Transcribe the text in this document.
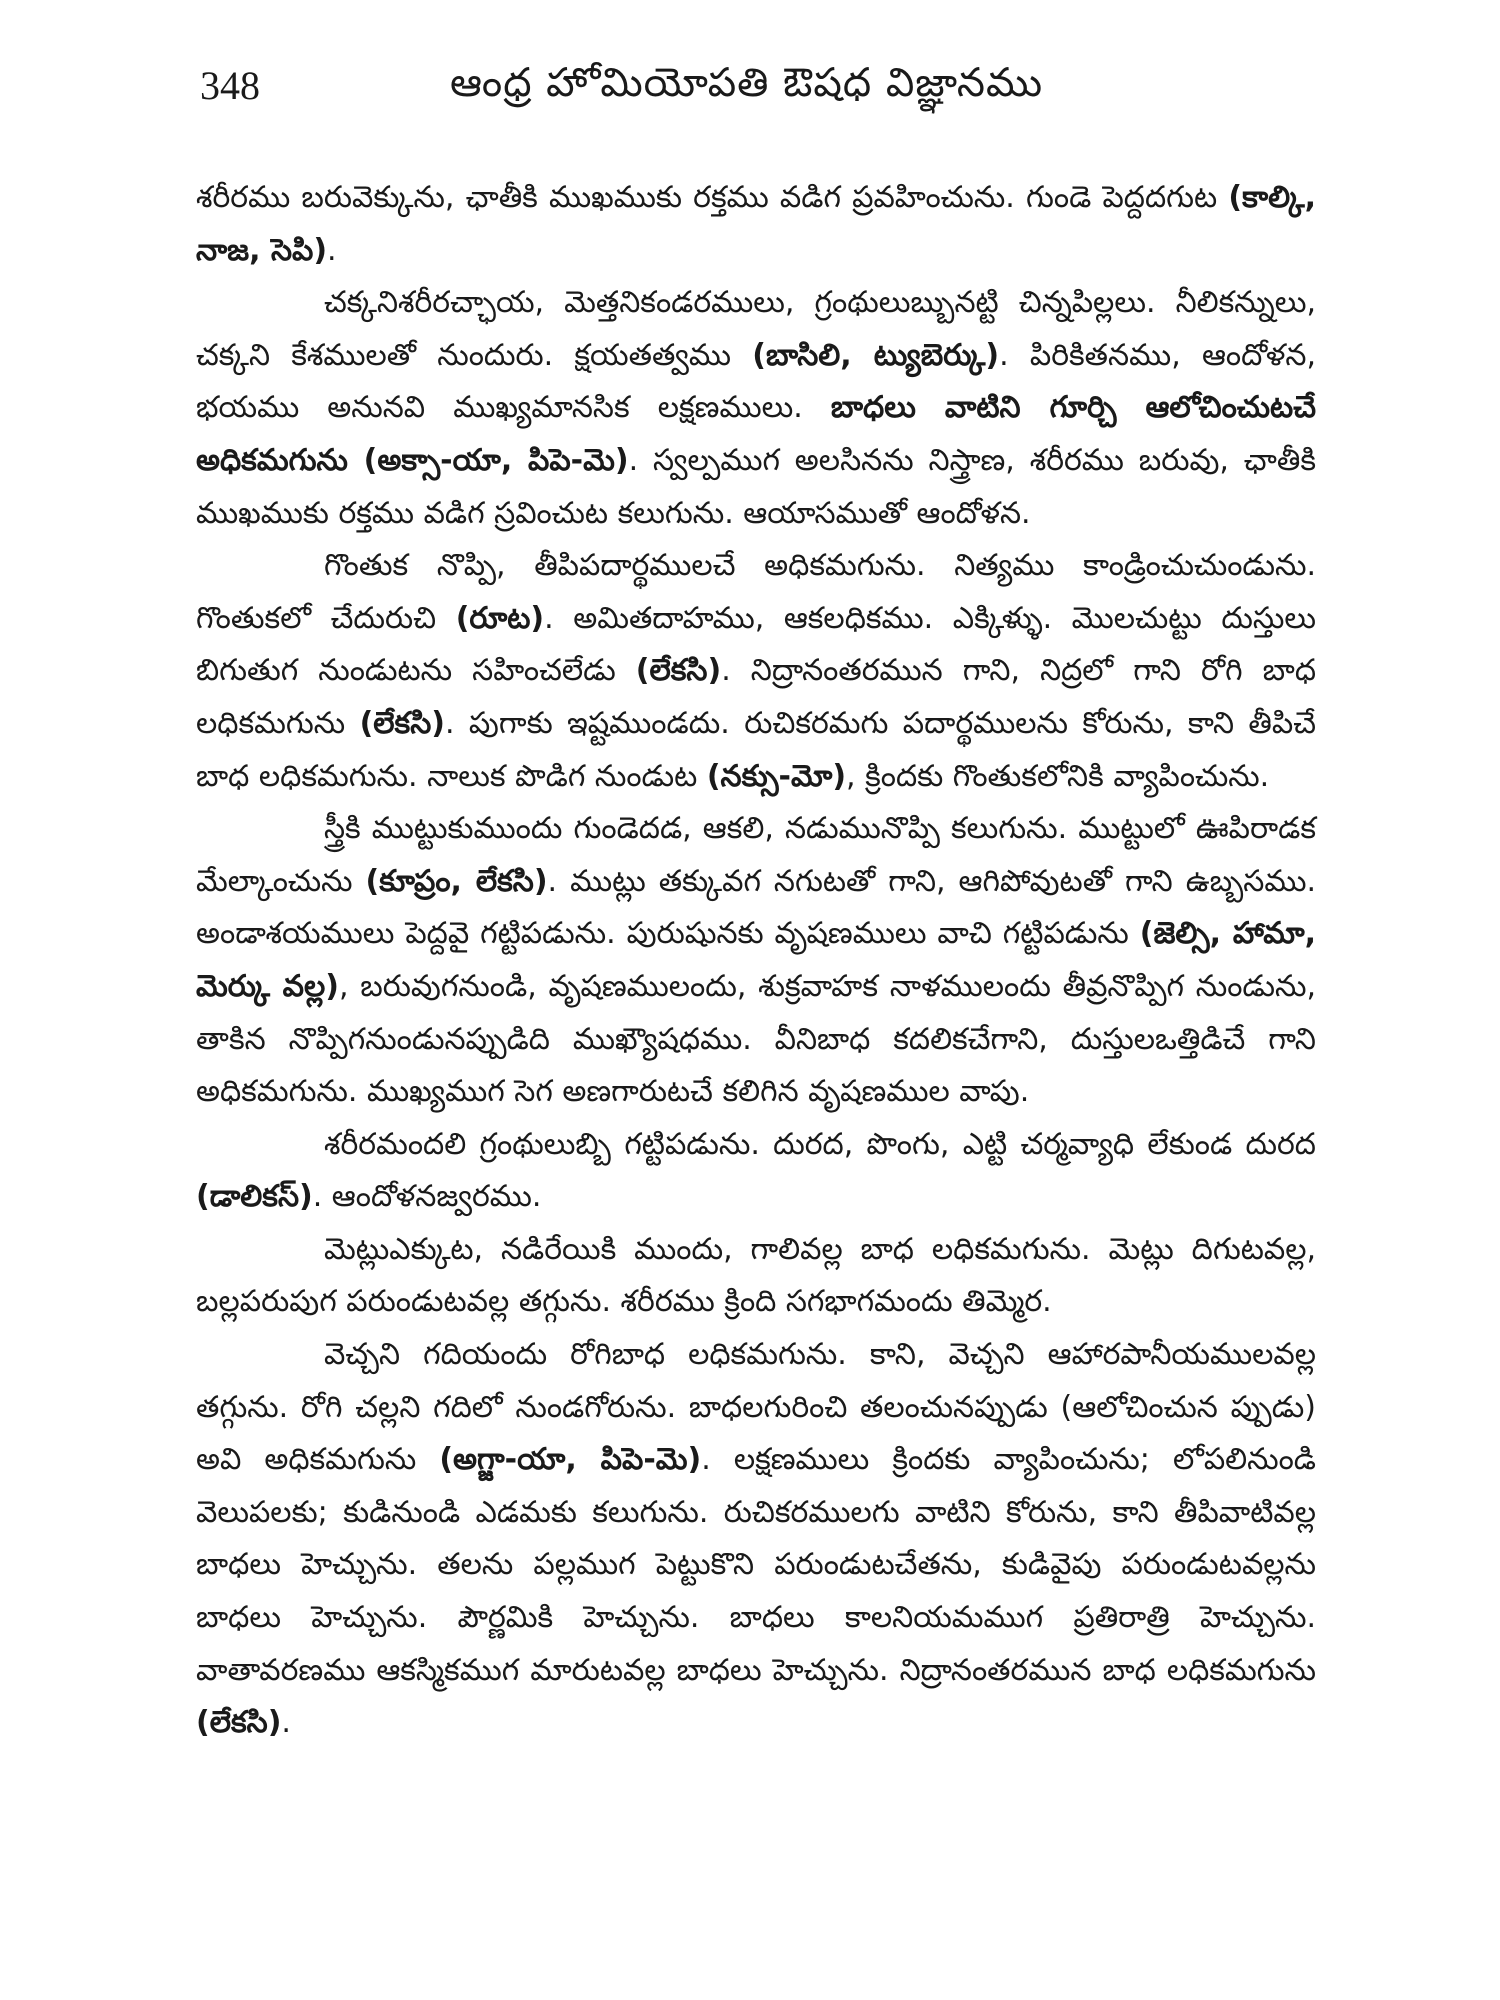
348	ఆంధ్ర హోమియోపతి ఔషధ విజ్ఞానము

శరీరము బరువెక్కును, ఛాతీకి ముఖముకు రక్తము వడిగ ప్రవహించును. గుండె పెద్దదగుట (కాల్కి, నాజ, సెపి).

చక్కనిశరీరచ్ఛాయ, మెత్తనికండరములు, గ్రంథులుబ్బునట్టి చిన్నపిల్లలు. నీలికన్నులు, చక్కని కేశములతో నుందురు. క్షయతత్వము (బాసిలి, ట్యుబెర్కు). పిరికితనము, ఆందోళన, భయము అనునవి ముఖ్యమానసిక లక్షణములు. బాధలు వాటిని గూర్చి ఆలోచించుటచే అధికమగును (అక్సా-యా, పిపె-మె). స్వల్పముగ అలసినను నిస్త్రాణ, శరీరము బరువు, ఛాతీకి ముఖముకు రక్తము వడిగ స్రవించుట కలుగును. ఆయాసముతో ఆందోళన.

గొంతుక నొప్పి, తీపిపదార్థములచే అధికమగును. నిత్యము కాండ్రించుచుండును. గొంతుకలో చేదురుచి (రూట). అమితదాహము, ఆకలధికము. ఎక్కిళ్ళు. మొలచుట్టు దుస్తులు బిగుతుగ నుండుటను సహించలేడు (లేకసి). నిద్రానంతరమున గాని, నిద్రలో గాని రోగి బాధ లధికమగును (లేకసి). పుగాకు ఇష్టముండదు. రుచికరమగు పదార్థములను కోరును, కాని తీపిచే బాధ లధికమగును. నాలుక పొడిగ నుండుట (నక్సు-మో), క్రిందకు గొంతుకలోనికి వ్యాపించును.

స్త్రీకి ముట్టుకుముందు గుండెదడ, ఆకలి, నడుమునొప్పి కలుగును. ముట్టులో ఊపిరాడక మేల్కాంచును (కూప్రం, లేకసి). ముట్లు తక్కువగ నగుటతో గాని, ఆగిపోవుటతో గాని ఉబ్బసము. అండాశయములు పెద్దవై గట్టిపడును. పురుషునకు వృషణములు వాచి గట్టిపడును (జెల్సి, హామా, మెర్కు వల్ల), బరువుగనుండి, వృషణములందు, శుక్రవాహక నాళములందు తీవ్రనొప్పిగ నుండును, తాకిన నొప్పిగనుండునప్పుడిది ముఖ్యౌషధము. వీనిబాధ కదలికచేగాని, దుస్తులఒత్తిడిచే గాని అధికమగును. ముఖ్యముగ సెగ అణగారుటచే కలిగిన వృషణముల వాపు.

శరీరమందలి గ్రంథులుబ్బి గట్టిపడును. దురద, పొంగు, ఎట్టి చర్మవ్యాధి లేకుండ దురద (డాలికస్). ఆందోళనజ్వరము.

మెట్లుఎక్కుట, నడిరేయికి ముందు, గాలివల్ల బాధ లధికమగును. మెట్లు దిగుటవల్ల, బల్లపరుపుగ పరుండుటవల్ల తగ్గును. శరీరము క్రింది సగభాగమందు తిమ్మెర.

వెచ్చని గదియందు రోగిబాధ లధికమగును. కాని, వెచ్చని ఆహారపానీయములవల్ల తగ్గును. రోగి చల్లని గదిలో నుండగోరును. బాధలగురించి తలంచునప్పుడు (ఆలోచించున ప్పుడు) అవి అధికమగును (అగ్జా-యా, పిపె-మె). లక్షణములు క్రిందకు వ్యాపించును; లోపలినుండి వెలుపలకు; కుడినుండి ఎడమకు కలుగును. రుచికరములగు వాటిని కోరును, కాని తీపివాటివల్ల బాధలు హెచ్చును. తలను పల్లముగ పెట్టుకొని పరుండుటచేతను, కుడివైపు పరుండుటవల్లను బాధలు హెచ్చును. పౌర్ణమికి హెచ్చును. బాధలు కాలనియమముగ ప్రతిరాత్రి హెచ్చును. వాతావరణము ఆకస్మికముగ మారుటవల్ల బాధలు హెచ్చును. నిద్రానంతరమున బాధ లధికమగును (లేకసి).
